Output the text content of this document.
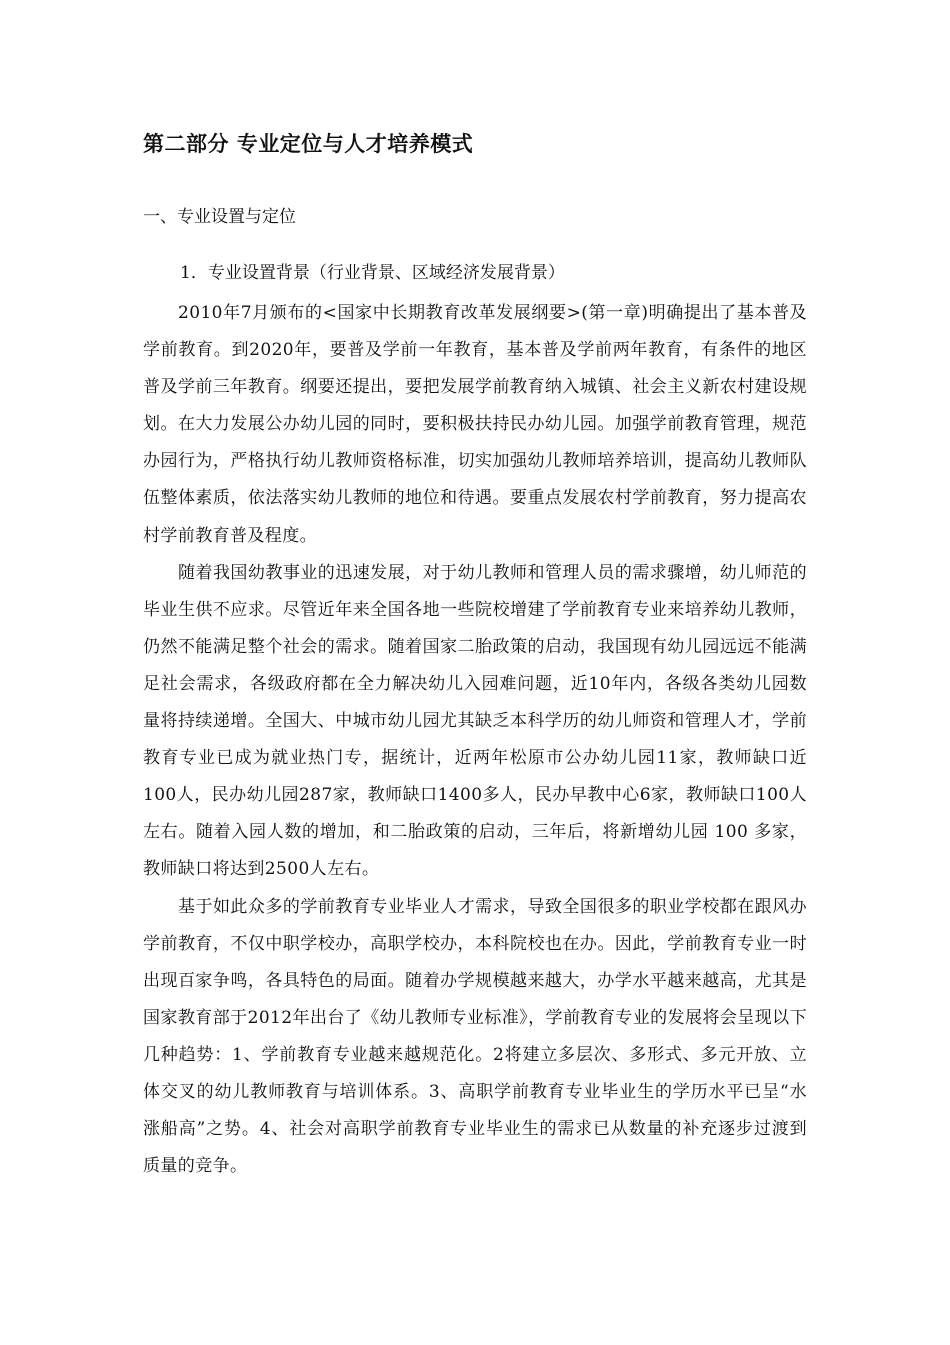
第二部分 专业定位与人才培养模式
一、专业设置与定位
1．专业设置背景（行业背景、区域经济发展背景）

2010年7月颁布的<国家中长期教育改革发展纲要>(第一章)明确提出了基本普及学前教育。到2020年，要普及学前一年教育，基本普及学前两年教育，有条件的地区普及学前三年教育。纲要还提出，要把发展学前教育纳入城镇、社会主义新农村建设规划。在大力发展公办幼儿园的同时，要积极扶持民办幼儿园。加强学前教育管理，规范办园行为，严格执行幼儿教师资格标准，切实加强幼儿教师培养培训，提高幼儿教师队伍整体素质，依法落实幼儿教师的地位和待遇。要重点发展农村学前教育，努力提高农村学前教育普及程度。

随着我国幼教事业的迅速发展，对于幼儿教师和管理人员的需求骤增，幼儿师范的毕业生供不应求。尽管近年来全国各地一些院校增建了学前教育专业来培养幼儿教师，仍然不能满足整个社会的需求。随着国家二胎政策的启动，我国现有幼儿园远远不能满足社会需求，各级政府都在全力解决幼儿入园难问题，近10年内，各级各类幼儿园数量将持续递增。全国大、中城市幼儿园尤其缺乏本科学历的幼儿师资和管理人才，学前教育专业已成为就业热门专，据统计，近两年松原市公办幼儿园11家，教师缺口近100人，民办幼儿园287家，教师缺口1400多人，民办早教中心6家，教师缺口100人左右。随着入园人数的增加，和二胎政策的启动，三年后，将新增幼儿园 100 多家，教师缺口将达到2500人左右。

基于如此众多的学前教育专业毕业人才需求，导致全国很多的职业学校都在跟风办学前教育，不仅中职学校办，高职学校办，本科院校也在办。因此，学前教育专业一时出现百家争鸣，各具特色的局面。随着办学规模越来越大，办学水平越来越高，尤其是国家教育部于2012年出台了《幼儿教师专业标准》，学前教育专业的发展将会呈现以下几种趋势：1、学前教育专业越来越规范化。2将建立多层次、多形式、多元开放、立体交叉的幼儿教师教育与培训体系。3、高职学前教育专业毕业生的学历水平已呈“水涨船高”之势。4、社会对高职学前教育专业毕业生的需求已从数量的补充逐步过渡到质量的竞争。
